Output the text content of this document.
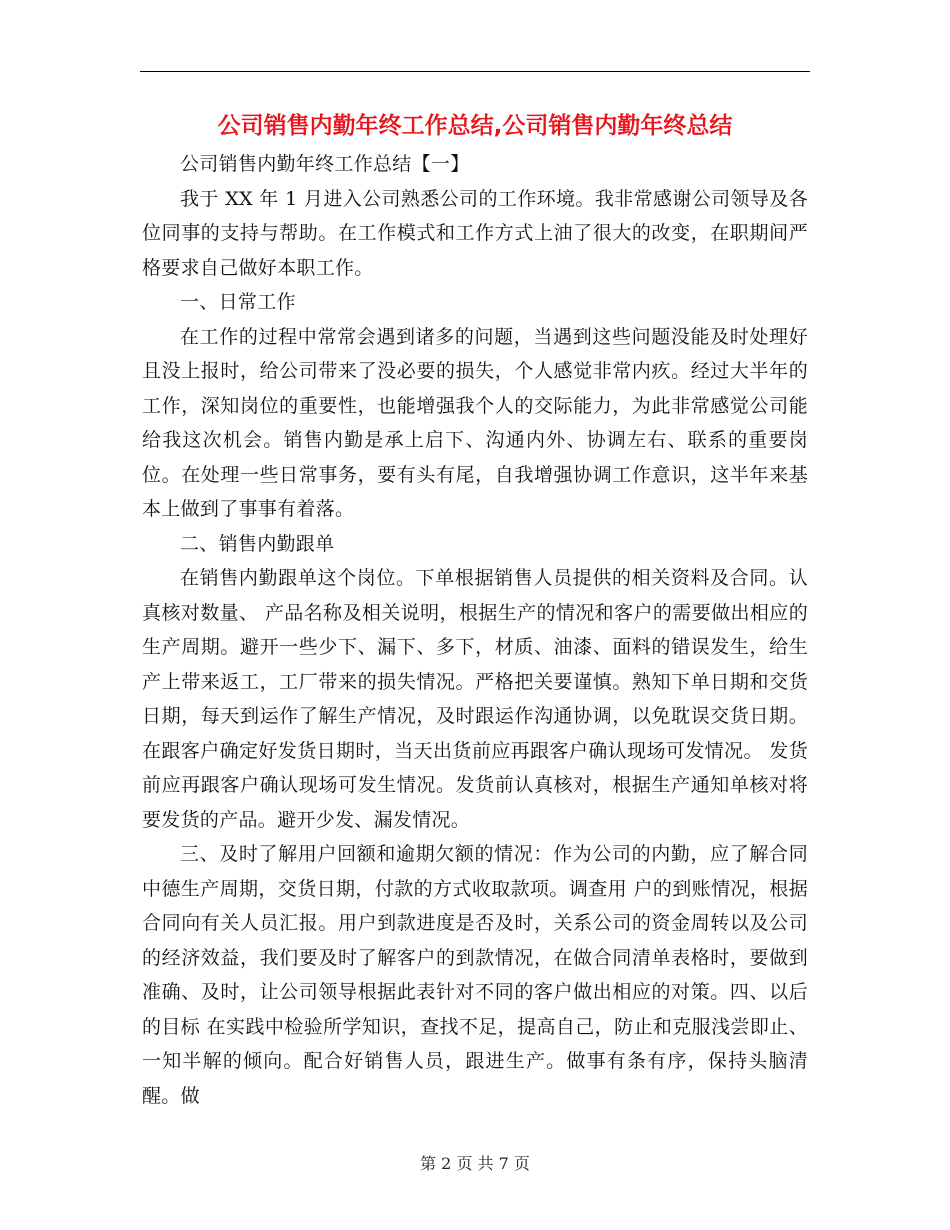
公司销售内勤年终工作总结,公司销售内勤年终总结

公司销售内勤年终工作总结【一】

我于 XX 年 1 月进入公司熟悉公司的工作环境。我非常感谢公司领导及各位同事的支持与帮助。在工作模式和工作方式上油了很大的改变，在职期间严格要求自己做好本职工作。

一、日常工作

在工作的过程中常常会遇到诸多的问题，当遇到这些问题没能及时处理好且没上报时，给公司带来了没必要的损失，个人感觉非常内疚。经过大半年的工作，深知岗位的重要性，也能增强我个人的交际能力，为此非常感觉公司能给我这次机会。销售内勤是承上启下、沟通内外、协调左右、联系的重要岗位。在处理一些日常事务，要有头有尾，自我增强协调工作意识，这半年来基本上做到了事事有着落。

二、销售内勤跟单

在销售内勤跟单这个岗位。下单根据销售人员提供的相关资料及合同。认真核对数量、 产品名称及相关说明，根据生产的情况和客户的需要做出相应的生产周期。避开一些少下、漏下、多下，材质、油漆、面料的错误发生，给生产上带来返工，工厂带来的损失情况。严格把关要谨慎。熟知下单日期和交货日期，每天到运作了解生产情况，及时跟运作沟通协调，以免耽误交货日期。在跟客户确定好发货日期时，当天出货前应再跟客户确认现场可发情况。 发货前应再跟客户确认现场可发生情况。发货前认真核对，根据生产通知单核对将要发货的产品。避开少发、漏发情况。

三、及时了解用户回额和逾期欠额的情况：作为公司的内勤，应了解合同中德生产周期，交货日期，付款的方式收取款项。调查用 户的到账情况，根据合同向有关人员汇报。用户到款进度是否及时，关系公司的资金周转以及公司的经济效益，我们要及时了解客户的到款情况，在做合同清单表格时，要做到准确、及时，让公司领导根据此表针对不同的客户做出相应的对策。四、以后的目标 在实践中检验所学知识，查找不足，提高自己，防止和克服浅尝即止、一知半解的倾向。配合好销售人员，跟进生产。做事有条有序，保持头脑清醒。做

第 2 页 共 7 页
